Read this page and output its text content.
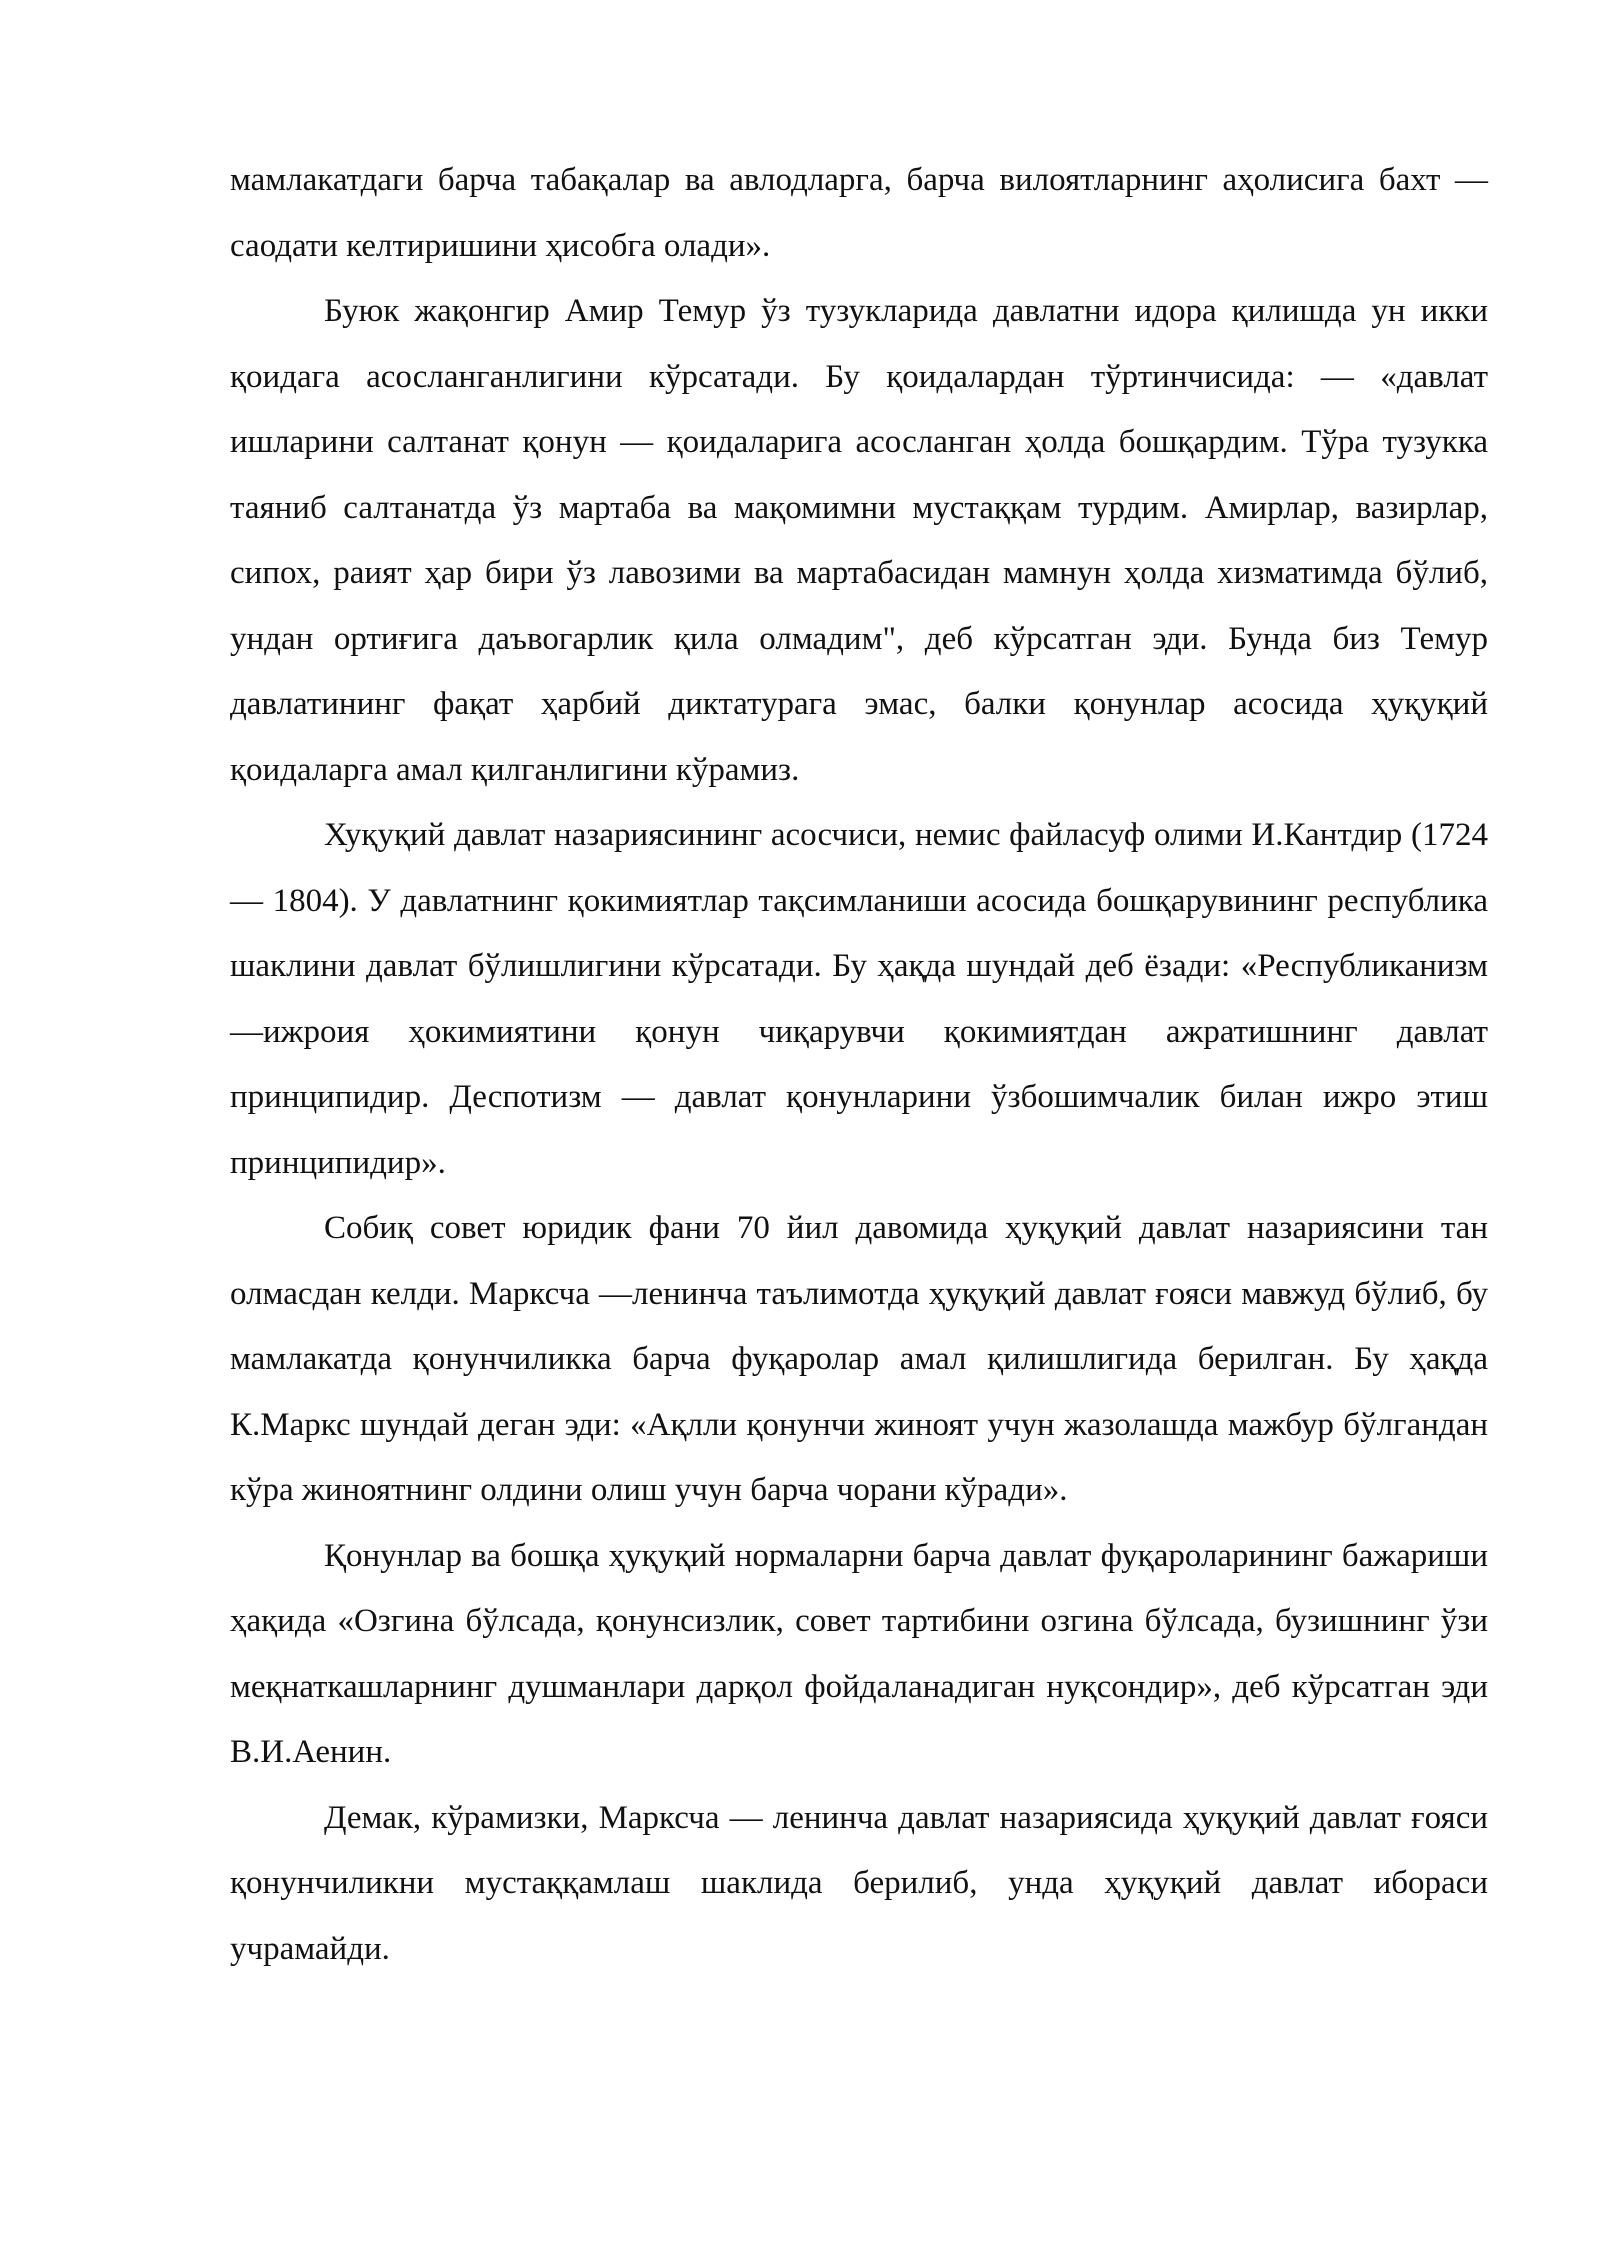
мамлакатдаги барча табақалар ва авлодларга, барча вилоятларнинг аҳолисига бахт — саодати келтиришини ҳисобга олади».

Буюк жақонгир Амир Темур ўз тузукларида давлатни идора қилишда ун икки қоидага асосланганлигини кўрсатади. Бу қоидалардан тўртинчисида: — «давлат ишларини салтанат қонун — қоидаларига асосланган ҳолда бошқардим. Тўра тузукка таяниб салтанатда ўз мартаба ва мақомимни мустаққам турдим. Амирлар, вазирлар, сипох, раият ҳар бири ўз лавозими ва мартабасидан мамнун ҳолда хизматимда бўлиб, ундан ортиғига даъвогарлик қила олмадим", деб кўрсатган эди. Бунда биз Темур давлатининг фақат ҳарбий диктатурага эмас, балки қонунлар асосида ҳуқуқий қоидаларга амал қилганлигини кўрамиз.

Хуқуқий давлат назариясининг асосчиси, немис файласуф олими И.Кантдир (1724 — 1804). У давлатнинг қокимиятлар тақсимланиши асосида бошқарувининг республика шаклини давлат бўлишлигини кўрсатади. Бу ҳақда шундай деб ёзади: «Республиканизм —ижроия ҳокимиятини қонун чиқарувчи қокимиятдан ажратишнинг давлат принципидир. Деспотизм — давлат қонунларини ўзбошимчалик билан ижро этиш принципидир».

Собиқ совет юридик фани 70 йил давомида ҳуқуқий давлат назариясини тан олмасдан келди. Марксча —ленинча таълимотда ҳуқуқий давлат ғояси мавжуд бўлиб, бу мамлакатда қонунчиликка барча фуқаролар амал қилишлигида берилган. Бу ҳақда К.Маркс шундай деган эди: «Ақлли қонунчи жиноят учун жазолашда мажбур бўлгандан кўра жиноятнинг олдини олиш учун барча чорани кўради».

Қонунлар ва бошқа ҳуқуқий нормаларни барча давлат фуқароларининг бажариши ҳақида «Озгина бўлсада, қонунсизлик, совет тартибини озгина бўлсада, бузишнинг ўзи меқнаткашларнинг душманлари дарқол фойдаланадиган нуқсондир», деб кўрсатган эди В.И.Аенин.

Демак, кўрамизки, Марксча — ленинча давлат назариясида ҳуқуқий давлат ғояси қонунчиликни мустаққамлаш шаклида берилиб, унда ҳуқуқий давлат ибораси учрамайди.
